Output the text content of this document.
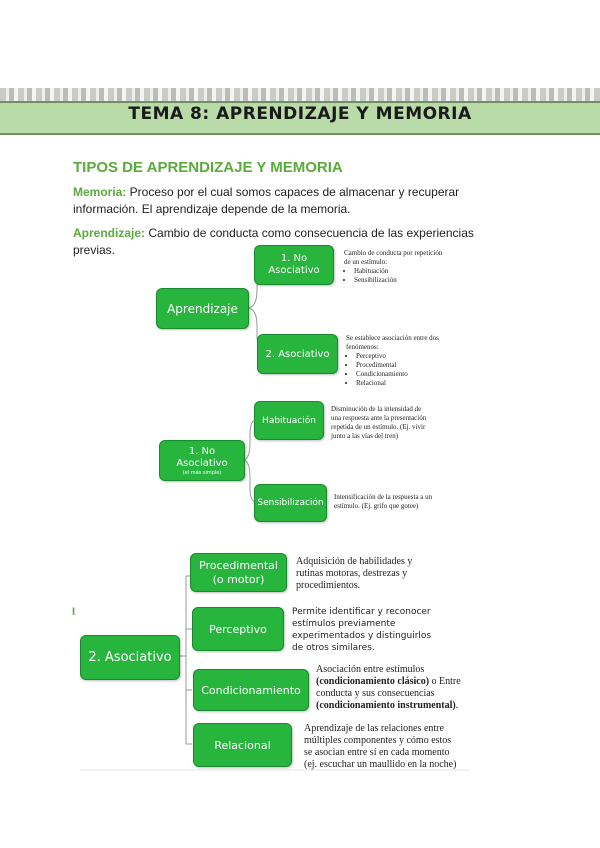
TEMA 8: APRENDIZAJE Y MEMORIA
TIPOS DE APRENDIZAJE Y MEMORIA
Memoria: Proceso por el cual somos capaces de almacenar y recuperar información. El aprendizaje depende de la memoria.
Aprendizaje: Cambio de conducta como consecuencia de las experiencias previas.
Aprendizaje
1. No Asociativo
2. Asociativo
Cambio de conducta por repetición de un estímulo:
• Habituación
• Sensibilización
Se establece asociación entre dos fenómenos:
• Perceptivo
• Procedimental
• Condicionamiento
• Relacional
1. No Asociativo
(el más simple)
Habituación
Sensibilización
Disminución de la intensidad de una respuesta ante la presentación repetida de un estímulo. (Ej. vivir junto a las vías del tren)
Intensificación de la respuesta a un estímulo. (Ej. grifo que gotee)
I
2. Asociativo
Procedimental (o motor)
Perceptivo
Condicionamiento
Relacional
Adquisición de habilidades y rutinas motoras, destrezas y procedimientos.
Permite identificar y reconocer estímulos previamente experimentados y distinguirlos de otros similares.
Asociación entre estímulos (condicionamiento clásico) o Entre conducta y sus consecuencias (condicionamiento instrumental).
Aprendizaje de las relaciones entre múltiples componentes y cómo estos se asocian entre sí en cada momento (ej. escuchar un maullido en la noche)
